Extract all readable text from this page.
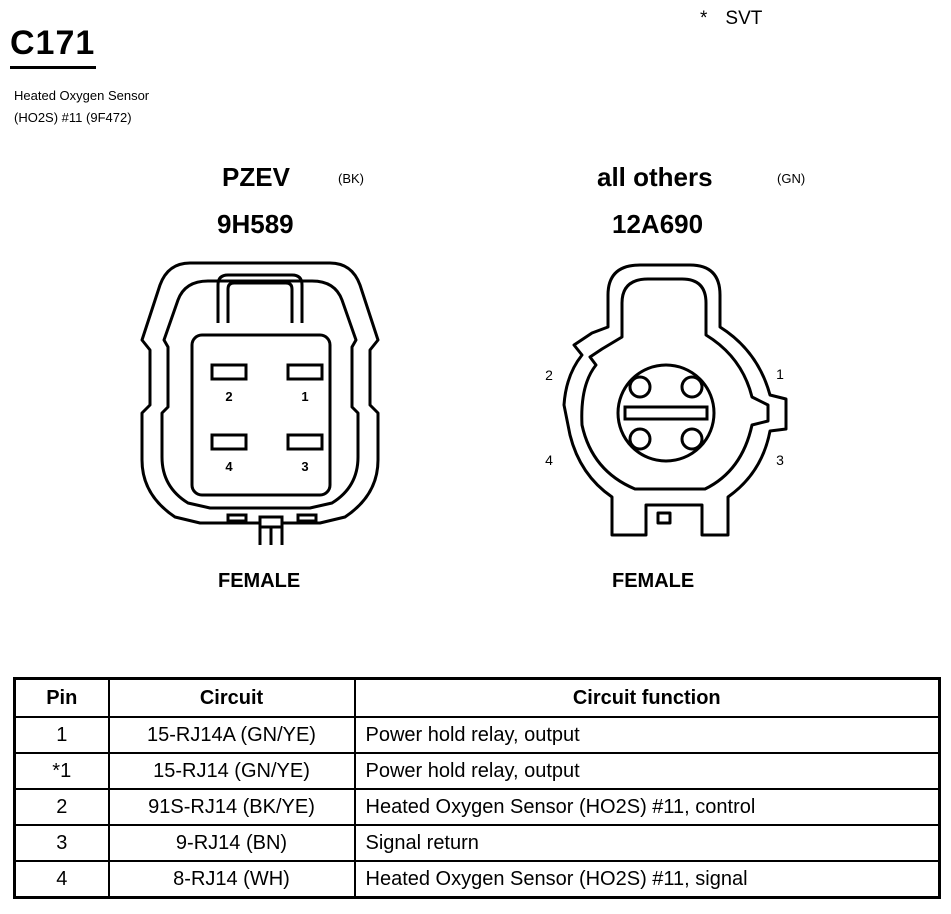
* SVT
C171
Heated Oxygen Sensor
(HO2S) #11 (9F472)
PZEV	(BK)
9H589
2	1
4	3
FEMALE
all others	(GN)
12A690
2	1
4	3
FEMALE
Pin	Circuit	Circuit function
1	15-RJ14A (GN/YE)	Power hold relay, output
*1	15-RJ14 (GN/YE)	Power hold relay, output
2	91S-RJ14 (BK/YE)	Heated Oxygen Sensor (HO2S) #11, control
3	9-RJ14 (BN)	Signal return
4	8-RJ14 (WH)	Heated Oxygen Sensor (HO2S) #11, signal
